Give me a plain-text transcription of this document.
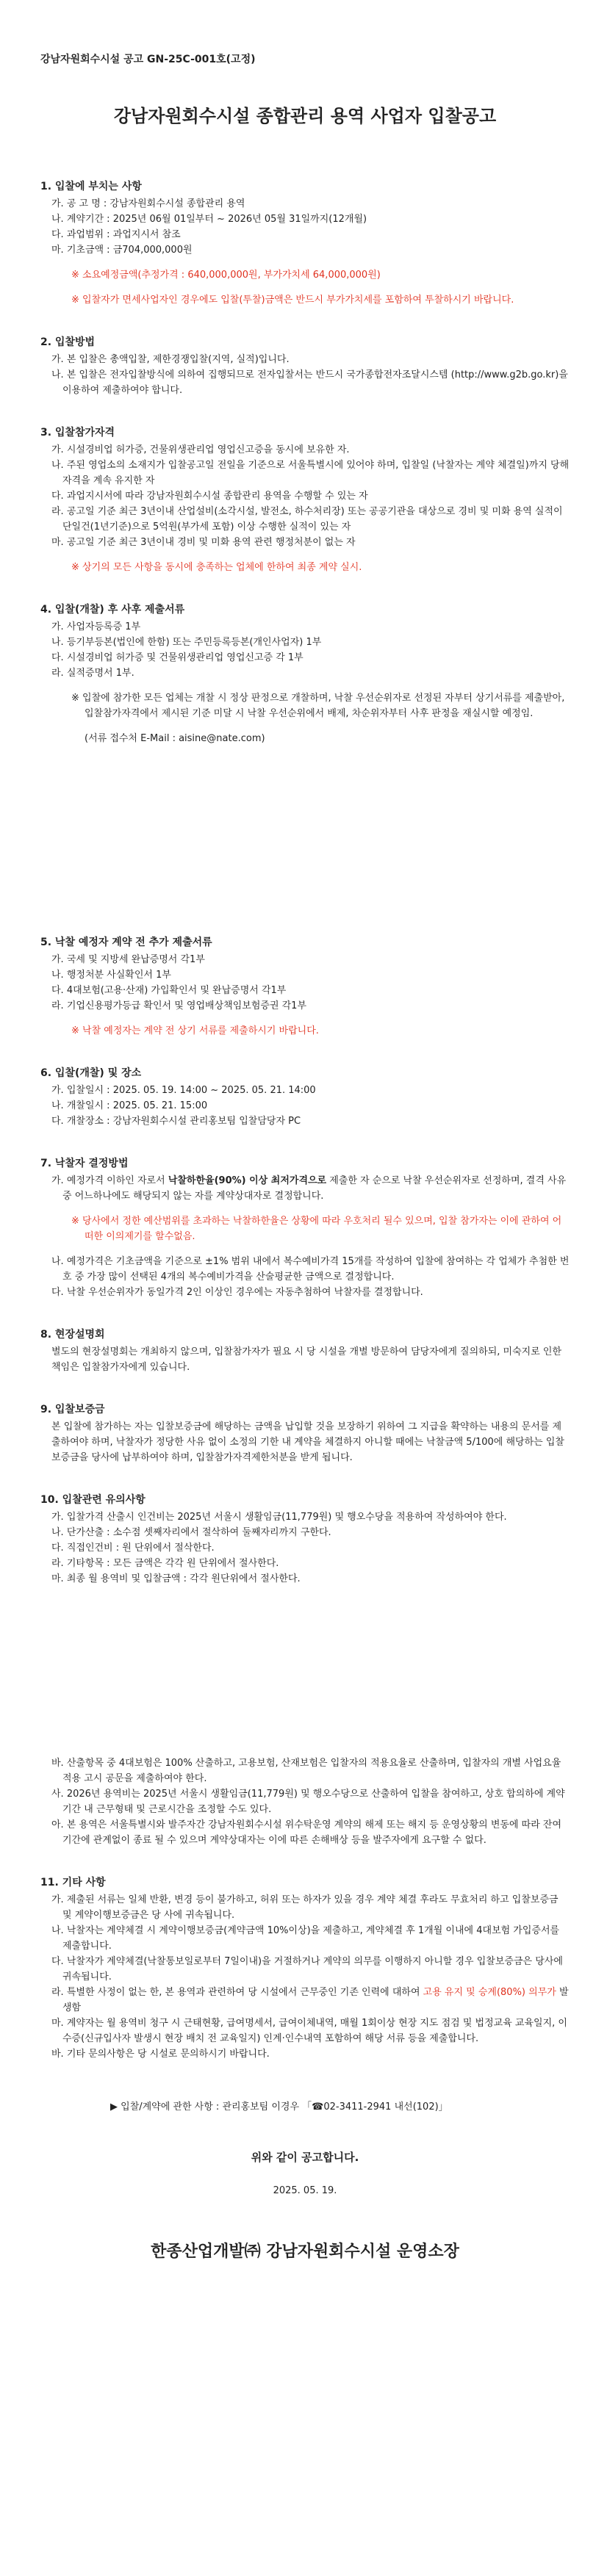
강남자원회수시설 공고 GN-25C-001호(고정)

강남자원회수시설 종합관리 용역 사업자 입찰공고

1. 입찰에 부치는 사항

가. 공 고 명 : 강남자원회수시설 종합관리 용역

나. 계약기간 : 2025년 06월 01일부터 ~ 2026년 05월 31일까지(12개월)

다. 과업범위 : 과업지시서 참조

마. 기초금액 : 금704,000,000원

※ 소요예정금액(추정가격 : 640,000,000원, 부가가치세 64,000,000원)

※ 입찰자가 면세사업자인 경우에도 입찰(투찰)금액은 반드시 부가가치세를 포함하여 투찰하시기 바랍니다.

2. 입찰방법

가. 본 입찰은 총액입찰, 제한경쟁입찰(지역, 실적)입니다.

나. 본 입찰은 전자입찰방식에 의하여 집행되므로 전자입찰서는 반드시 국가종합전자조달시스템 (http://www.g2b.go.kr)을 이용하여 제출하여야 합니다.

3. 입찰참가자격

가. 시설경비업 허가증, 건물위생관리업 영업신고증을 동시에 보유한 자.

나. 주된 영업소의 소재지가 입찰공고일 전일을 기준으로 서울특별시에 있어야 하며, 입찰일 (낙찰자는 계약 체결일)까지 당해 자격을 계속 유지한 자

다. 과업지시서에 따라 강남자원회수시설 종합관리 용역을 수행할 수 있는 자

라. 공고일 기준 최근 3년이내 산업설비(소각시설, 발전소, 하수처리장) 또는 공공기관을 대상으로 경비 및 미화 용역 실적이 단일건(1년기준)으로 5억원(부가세 포함) 이상 수행한 실적이 있는 자

마. 공고일 기준 최근 3년이내 경비 및 미화 용역 관련 행정처분이 없는 자

※ 상기의 모든 사항을 동시에 충족하는 업체에 한하여 최종 계약 실시.

4. 입찰(개찰) 후 사후 제출서류

가. 사업자등록증 1부

나. 등기부등본(법인에 한함) 또는 주민등록등본(개인사업자) 1부

다. 시설경비업 허가증 및 건물위생관리업 영업신고증 각 1부

라. 실적증명서 1부.

※ 입찰에 참가한 모든 업체는 개찰 시 정상 판정으로 개찰하며, 낙찰 우선순위자로 선정된 자부터 상기서류를 제출받아, 입찰참가자격에서 제시된 기준 미달 시 낙찰 우선순위에서 배제, 차순위자부터 사후 판정을 재실시할 예정임.

(서류 접수처 E-Mail : aisine@nate.com)

5. 낙찰 예정자 계약 전 추가 제출서류

가. 국세 및 지방세 완납증명서 각1부

나. 행정처분 사실확인서 1부

다. 4대보험(고용·산재) 가입확인서 및 완납증명서 각1부

라. 기업신용평가등급 확인서 및 영업배상책임보험증권 각1부

※ 낙찰 예정자는 계약 전 상기 서류를 제출하시기 바랍니다.

6. 입찰(개찰) 및 장소

가. 입찰일시 : 2025. 05. 19. 14:00 ~ 2025. 05. 21. 14:00

나. 개찰일시 : 2025. 05. 21. 15:00

다. 개찰장소 : 강남자원회수시설 관리홍보팀 입찰담당자 PC

7. 낙찰자 결정방법

가. 예정가격 이하인 자로서 낙찰하한율(90%) 이상 최저가격으로 제출한 자 순으로 낙찰 우선순위자로 선정하며, 결격 사유 중 어느하나에도 해당되지 않는 자를 계약상대자로 결정합니다.

※ 당사에서 정한 예산범위를 초과하는 낙찰하한율은 상황에 따라 우호처리 될수 있으며, 입찰 참가자는 이에 관하여 어떠한 이의제기를 할수없음.

나. 예정가격은 기초금액을 기준으로 ±1% 범위 내에서 복수예비가격 15개를 작성하여 입찰에 참여하는 각 업체가 추첨한 번호 중 가장 많이 선택된 4개의 복수예비가격을 산술평균한 금액으로 결정합니다.

다. 낙찰 우선순위자가 동일가격 2인 이상인 경우에는 자동추첨하여 낙찰자를 결정합니다.

8. 현장설명회

별도의 현장설명회는 개최하지 않으며, 입찰참가자가 필요 시 당 시설을 개별 방문하여 담당자에게 질의하되, 미숙지로 인한 책임은 입찰참가자에게 있습니다.

9. 입찰보증금

본 입찰에 참가하는 자는 입찰보증금에 해당하는 금액을 납입할 것을 보장하기 위하여 그 지급을 확약하는 내용의 문서를 제출하여야 하며, 낙찰자가 정당한 사유 없이 소정의 기한 내 계약을 체결하지 아니할 때에는 낙찰금액 5/100에 해당하는 입찰보증금을 당사에 납부하여야 하며, 입찰참가자격제한처분을 받게 됩니다.

10. 입찰관련 유의사항

가. 입찰가격 산출시 인건비는 2025년 서울시 생활임금(11,779원) 및 행오수당을 적용하여 작성하여야 한다.

나. 단가산출 : 소수점 셋째자리에서 절삭하여 둘째자리까지 구한다.

다. 직접인건비 : 원 단위에서 절삭한다.

라. 기타항목 : 모든 금액은 각각 원 단위에서 절사한다.

마. 최종 월 용역비 및 입찰금액 : 각각 원단위에서 절사한다.

바. 산출항목 중 4대보험은 100% 산출하고, 고용보험, 산재보험은 입찰자의 적용요율로 산출하며, 입찰자의 개별 사업요율적용 고시 공문을 제출하여야 한다.

사. 2026년 용역비는 2025년 서울시 생활임금(11,779원) 및 행오수당으로 산출하여 입찰을 참여하고, 상호 합의하에 계약기간 내 근무형태 및 근로시간을 조정할 수도 있다.

아. 본 용역은 서울특별시와 발주자간 강남자원회수시설 위수탁운영 계약의 해제 또는 해지 등 운영상황의 변동에 따라 잔여기간에 관계없이 종료 될 수 있으며 계약상대자는 이에 따른 손해배상 등을 발주자에게 요구할 수 없다.

11. 기타 사항

가. 제출된 서류는 일체 반환, 변경 등이 불가하고, 허위 또는 하자가 있을 경우 계약 체결 후라도 무효처리 하고 입찰보증금 및 계약이행보증금은 당 사에 귀속됩니다.

나. 낙찰자는 계약체결 시 계약이행보증금(계약금액 10%이상)을 제출하고, 계약체결 후 1개월 이내에 4대보험 가입증서를 제출합니다.

다. 낙찰자가 계약체결(낙찰통보일로부터 7일이내)을 거절하거나 계약의 의무를 이행하지 아니할 경우 입찰보증금은 당사에 귀속됩니다.

라. 특별한 사정이 없는 한, 본 용역과 관련하여 당 시설에서 근무중인 기존 인력에 대하여 고용 유지 및 승계(80%) 의무가 발생함

마. 계약자는 월 용역비 청구 시 근태현황, 급여명세서, 급여이체내역, 매월 1회이상 현장 지도 점검 및 법정교육 교육일지, 이수증(신규입사자 발생시 현장 배치 전 교육일지) 인계·인수내역 포함하여 해당 서류 등을 제출합니다.

바. 기타 문의사항은 당 시설로 문의하시기 바랍니다.

▶ 입찰/계약에 관한 사항 : 관리홍보팀 이경우 「☎02-3411-2941 내선(102)」

위와 같이 공고합니다.
2025. 05. 19.
한종산업개발㈜ 강남자원회수시설 운영소장
